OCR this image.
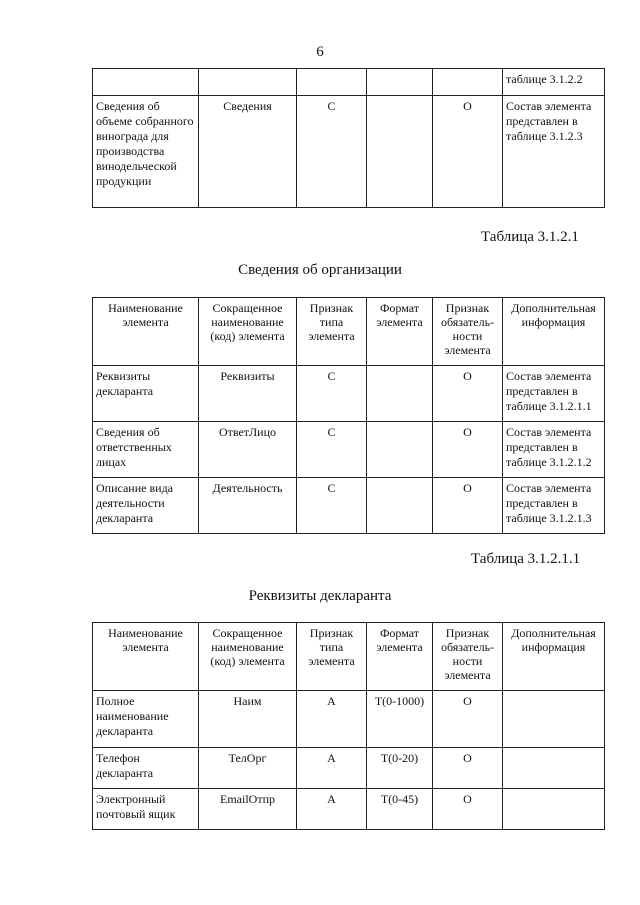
6
					таблице 3.1.2.2
Сведения об объеме собранного винограда для производства винодельческой продукции	Сведения	С		О	Состав элемента представлен в таблице 3.1.2.3
Таблица 3.1.2.1
Сведения об организации
Наименование элемента	Сокращенное наименование (код) элемента	Признак типа элемента	Формат элемента	Признак обязатель-ности элемента	Дополнительная информация
Реквизиты декларанта	Реквизиты	С		О	Состав элемента представлен в таблице 3.1.2.1.1
Сведения об ответственных лицах	ОтветЛицо	С		О	Состав элемента представлен в таблице 3.1.2.1.2
Описание вида деятельности декларанта	Деятельность	С		О	Состав элемента представлен в таблице 3.1.2.1.3
Таблица 3.1.2.1.1
Реквизиты декларанта
Наименование элемента	Сокращенное наименование (код) элемента	Признак типа элемента	Формат элемента	Признак обязатель-ности элемента	Дополнительная информация
Полное наименование декларанта	Наим	А	Т(0-1000)	О	
Телефон декларанта	ТелОрг	А	Т(0-20)	О	
Электронный почтовый ящик	EmailОтпр	А	Т(0-45)	О	
